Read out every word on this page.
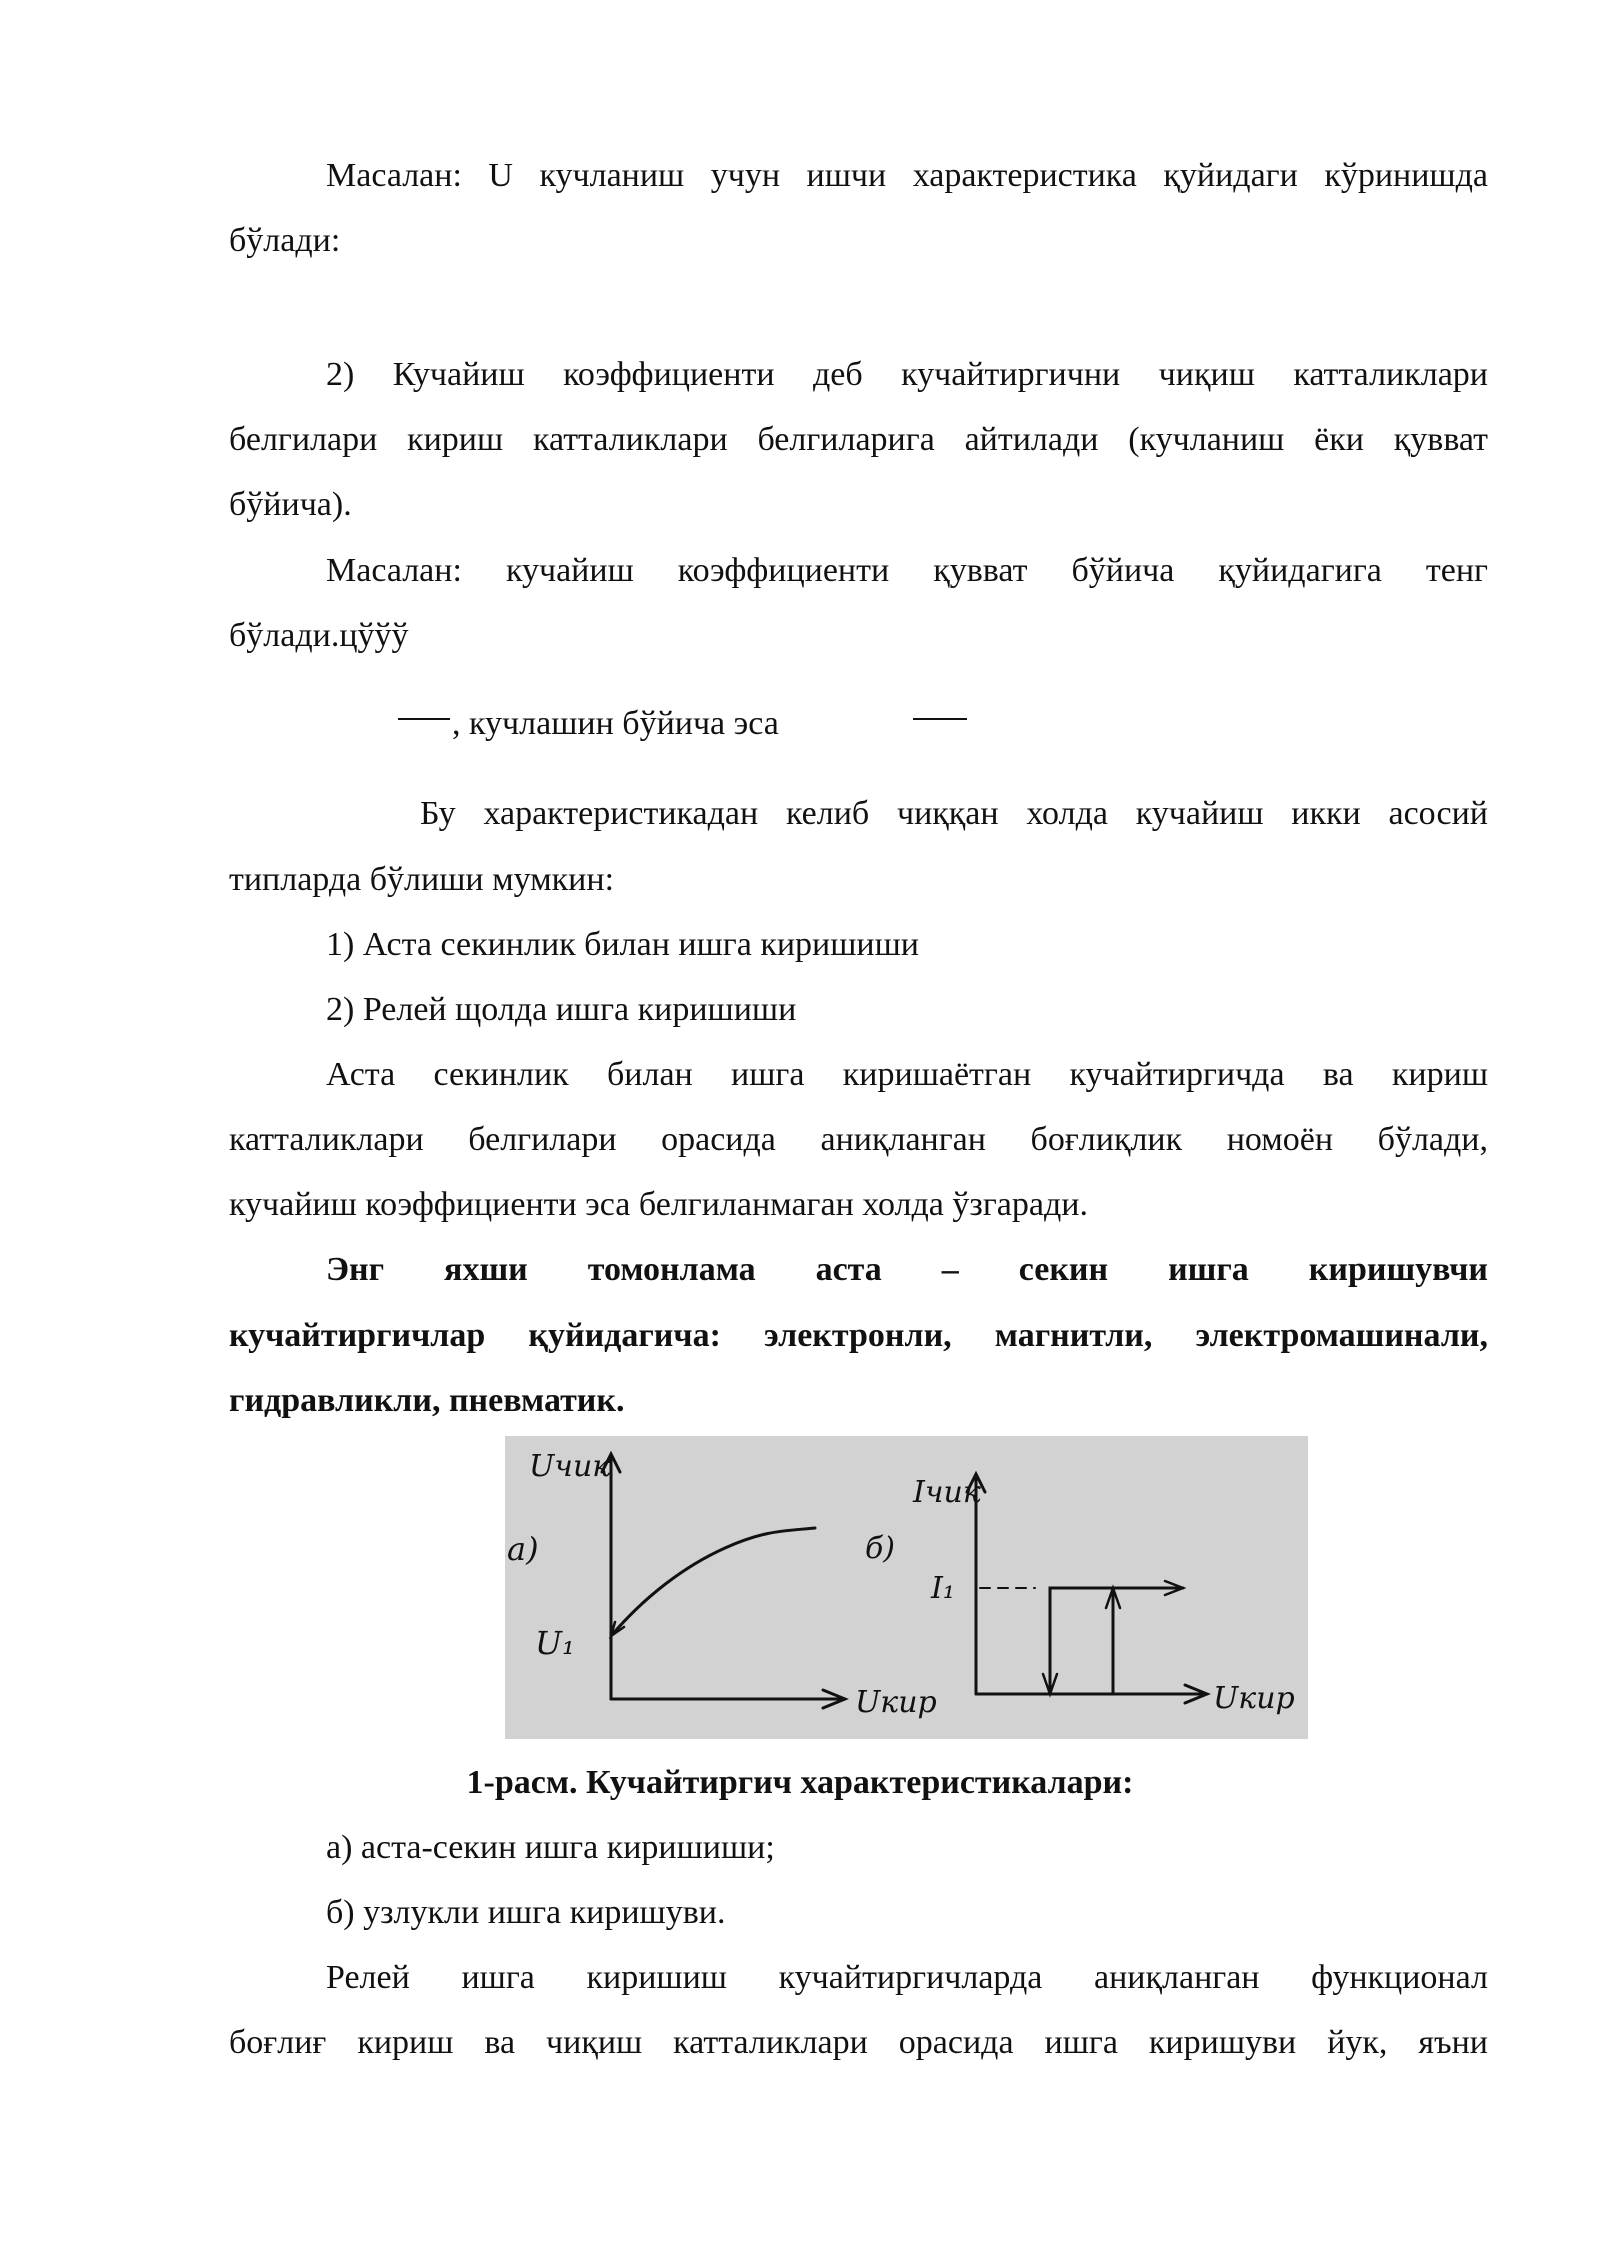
Масалан: U кучланиш учун ишчи характеристика қуйидаги кўринишда
бўлади:
2) Кучайиш коэффициенти деб кучайтиргични чиқиш катталиклари
белгилари кириш катталиклари белгиларига айтилади (кучланиш ёки қувват
бўйича).
Масалан: кучайиш коэффициенти қувват бўйича қуйидагига тенг
бўлади.цўўў
, кучлашин бўйича эса
Бу характеристикадан келиб чиққан холда кучайиш икки асосий
типларда бўлиши мумкин:
1) Аста секинлик билан ишга киришиши
2) Релей щолда ишга киришиши
Аста секинлик билан ишга киришаётган кучайтиргичда ва кириш
катталиклари белгилари орасида аниқланган боғлиқлик номоён бўлади,
кучайиш коэффициенти эса белгиланмаган холда ўзгаради.
Энг яхши томонлама аста – секин ишга киришувчи
кучайтиргичлар қуйидагича: электронли, магнитли, электромашинали,
гидравликли, пневматик.
Uчик
а)
U₁
Uкир
Iчик
б)
I₁
Uкир
1-расм. Кучайтиргич характеристикалари:
а) аста-секин ишга киришиши;
б) узлукли ишга киришуви.
Релей ишга киришиш кучайтиргичларда аниқланган функционал
боғлиғ кириш ва чиқиш катталиклари орасида ишга киришуви йук, яъни
